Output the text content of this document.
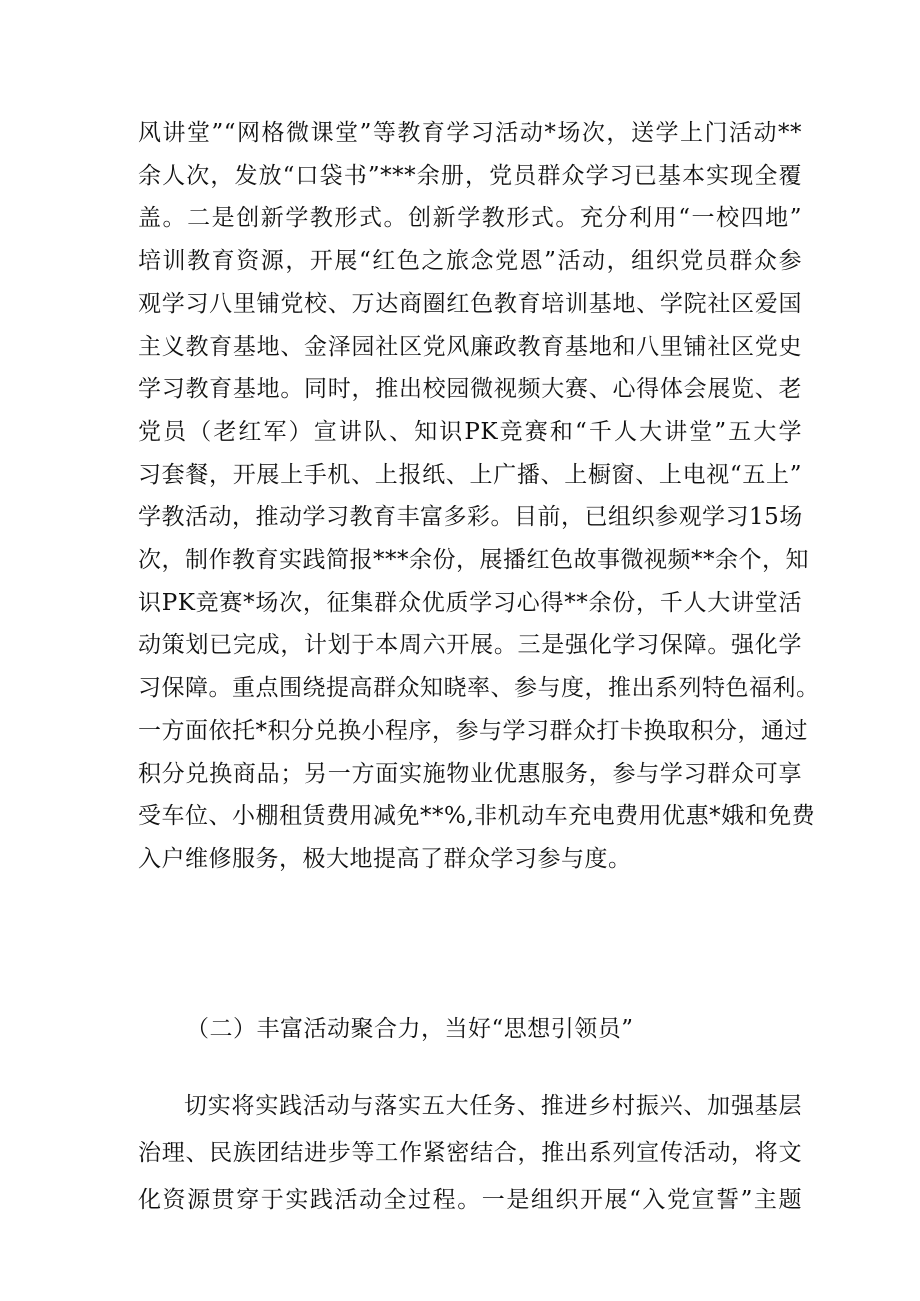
风讲堂”“网格微课堂”等教育学习活动*场次，送学上门活动**
余人次，发放“口袋书”***余册，党员群众学习已基本实现全覆
盖。二是创新学教形式。创新学教形式。充分利用“一校四地”
培训教育资源，开展“红色之旅念党恩”活动，组织党员群众参
观学习八里铺党校、万达商圈红色教育培训基地、学院社区爱国
主义教育基地、金泽园社区党风廉政教育基地和八里铺社区党史
学习教育基地。同时，推出校园微视频大赛、心得体会展览、老
党员（老红军）宣讲队、知识PK竞赛和“千人大讲堂”五大学
习套餐，开展上手机、上报纸、上广播、上橱窗、上电视“五上”
学教活动，推动学习教育丰富多彩。目前，已组织参观学习15场
次，制作教育实践简报***余份，展播红色故事微视频**余个，知
识PK竞赛*场次，征集群众优质学习心得**余份，千人大讲堂活
动策划已完成，计划于本周六开展。三是强化学习保障。强化学
习保障。重点围绕提高群众知晓率、参与度，推出系列特色福利。
一方面依托*积分兑换小程序，参与学习群众打卡换取积分，通过
积分兑换商品；另一方面实施物业优惠服务，参与学习群众可享
受车位、小棚租赁费用减免**%,非机动车充电费用优惠*娥和免费
入户维修服务，极大地提高了群众学习参与度。
（二）丰富活动聚合力，当好“思想引领员”
切实将实践活动与落实五大任务、推进乡村振兴、加强基层
治理、民族团结进步等工作紧密结合，推出系列宣传活动，将文
化资源贯穿于实践活动全过程。一是组织开展“入党宣誓”主题
